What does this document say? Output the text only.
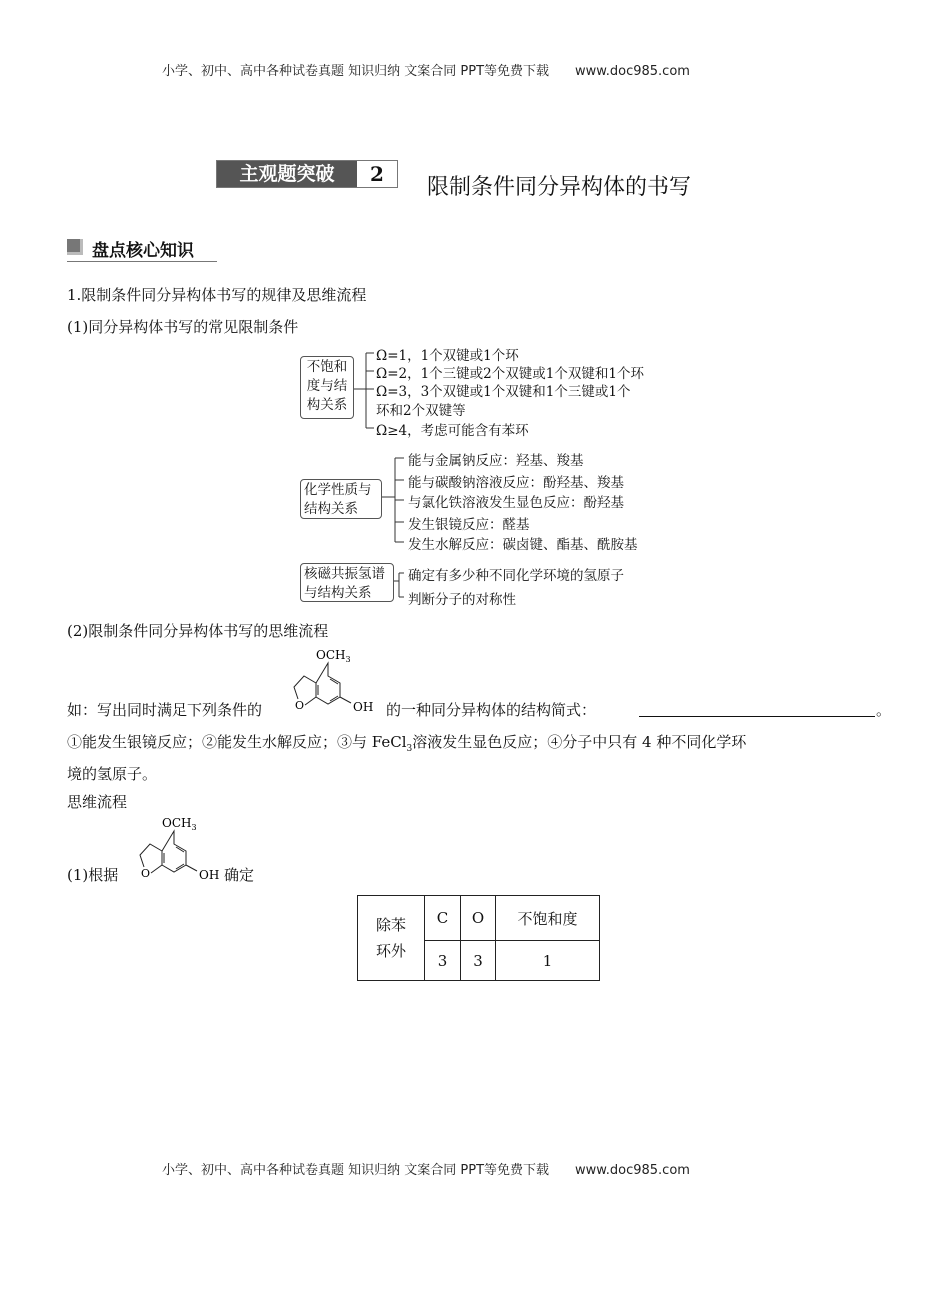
小学、初中、高中各种试卷真题 知识归纳 文案合同 PPT等免费下载 www.doc985.com
主观题突破	2
限制条件同分异构体的书写
盘点核心知识
1.限制条件同分异构体书写的规律及思维流程
(1)同分异构体书写的常见限制条件
不饱和
度与结
构关系
Ω=1，1个双键或1个环
Ω=2，1个三键或2个双键或1个双键和1个环
Ω=3，3个双键或1个双键和1个三键或1个
环和2个双键等
Ω≥4，考虑可能含有苯环
化学性质与
结构关系
能与金属钠反应：羟基、羧基
能与碳酸钠溶液反应：酚羟基、羧基
与氯化铁溶液发生显色反应：酚羟基
发生银镜反应：醛基
发生水解反应：碳卤键、酯基、酰胺基
核磁共振氢谱
与结构关系
确定有多少种不同化学环境的氢原子
判断分子的对称性
(2)限制条件同分异构体书写的思维流程
$OCH_3$
O	OH
如：写出同时满足下列条件的	的一种同分异构体的结构简式：	。
①能发生银镜反应；②能发生水解反应；③与 FeCl$_3$溶液发生显色反应；④分子中只有 4 种不同化学环
境的氢原子。
思维流程
$OCH_3$
O	OH
(1)根据	确定
除苯
环外	C	O	不饱和度
	3	3	1
小学、初中、高中各种试卷真题 知识归纳 文案合同 PPT等免费下载 www.doc985.com
